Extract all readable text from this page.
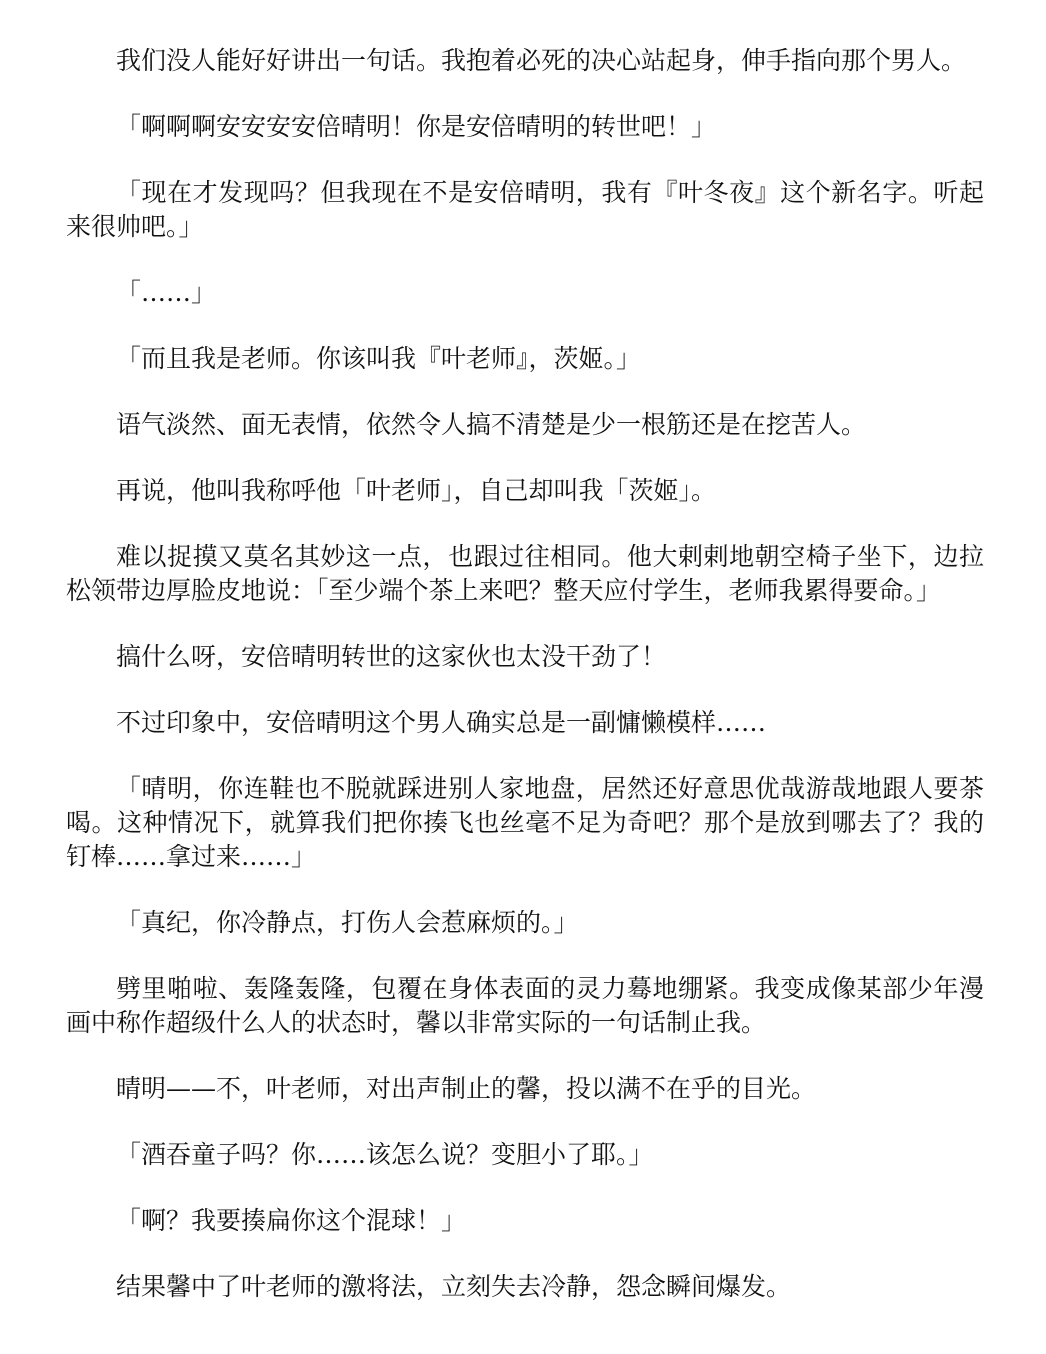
我们没人能好好讲出一句话。我抱着必死的决心站起身，伸手指向那个男人。

「啊啊啊安安安安倍晴明！你是安倍晴明的转世吧！」

「现在才发现吗？但我现在不是安倍晴明，我有『叶冬夜』这个新名字。听起来很帅吧。」

「……」

「而且我是老师。你该叫我『叶老师』，茨姬。」

语气淡然、面无表情，依然令人搞不清楚是少一根筋还是在挖苦人。

再说，他叫我称呼他「叶老师」，自己却叫我「茨姬」。

难以捉摸又莫名其妙这一点，也跟过往相同。他大剌剌地朝空椅子坐下，边拉松领带边厚脸皮地说：「至少端个茶上来吧？整天应付学生，老师我累得要命。」

搞什么呀，安倍晴明转世的这家伙也太没干劲了！

不过印象中，安倍晴明这个男人确实总是一副慵懒模样……

「晴明，你连鞋也不脱就踩进别人家地盘，居然还好意思优哉游哉地跟人要茶喝。这种情况下，就算我们把你揍飞也丝毫不足为奇吧？那个是放到哪去了？我的钉棒……拿过来……」

「真纪，你冷静点，打伤人会惹麻烦的。」

劈里啪啦、轰隆轰隆，包覆在身体表面的灵力蓦地绷紧。我变成像某部少年漫画中称作超级什么人的状态时，馨以非常实际的一句话制止我。

晴明——不，叶老师，对出声制止的馨，投以满不在乎的目光。

「酒吞童子吗？你……该怎么说？变胆小了耶。」

「啊？我要揍扁你这个混球！」

结果馨中了叶老师的激将法，立刻失去冷静，怨念瞬间爆发。
